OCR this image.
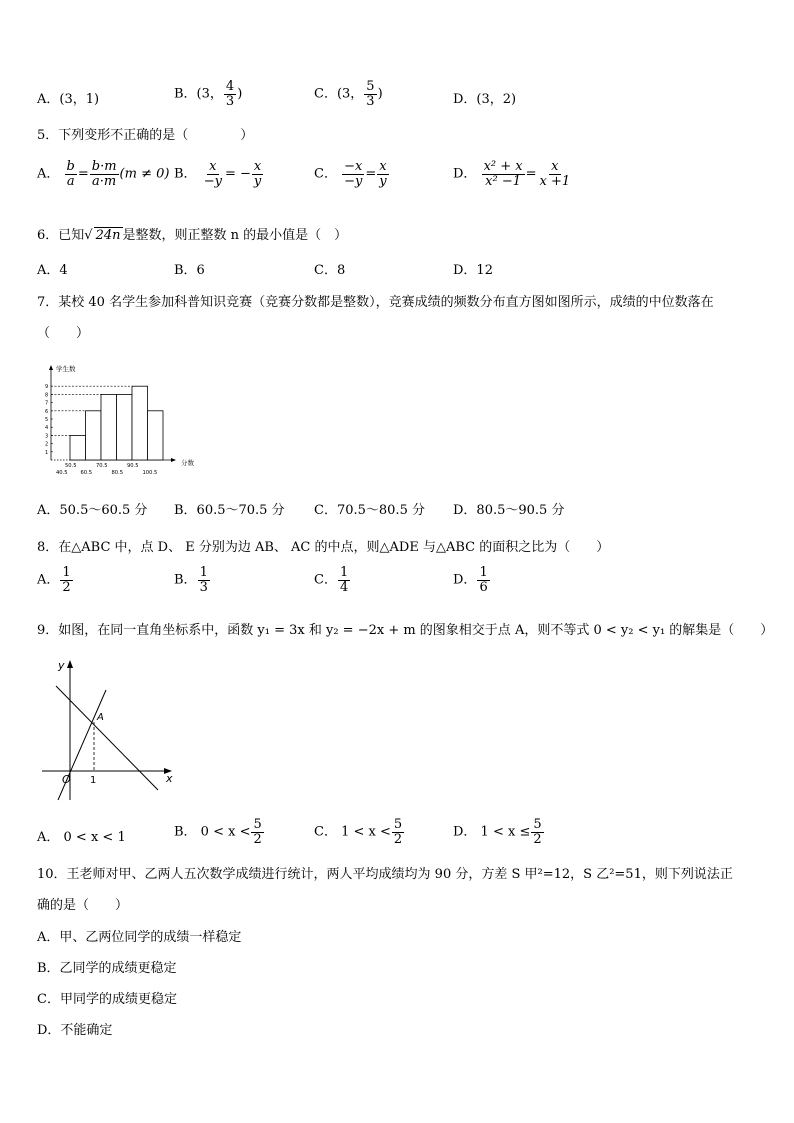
A．(3，1)	B．(3， $\frac{4}{3}$ )	C．(3， $\frac{5}{3}$ )	D．(3，2)
5．下列变形不正确的是（　　　　）
A． $\frac{b}{a} = \frac{b\cdot m}{a\cdot m} (m \ne 0)$ B． $\frac{x}{-y}$ = − $\frac{x}{y}$	C． $\frac{-x}{-y} = \frac{x}{y}$	D． $\frac{\text{x² + x}}{\text{x² −1}} = \frac{x}{x +1}$
6．已知√ 24n 是整数，则正整数 n 的最小值是（　）
A．4	B．6	C．8	D．12
7．某校 40 名学生参加科普知识竞赛（竞赛分数都是整数），竞赛成绩的频数分布直方图如图所示，成绩的中位数落在
（　　）
学生数
分数
1
2
3
4
5
6
7
8
9
40.5
50.5
60.5
70.5
80.5
90.5
100.5
A．50.5～60.5 分 B．60.5～70.5 分 C．70.5～80.5 分 D．80.5～90.5 分
8．在△ABC 中，点 D、 E 分别为边 AB、 AC 的中点，则△ADE 与△ABC 的面积之比为（　　）
A． $\frac{1}{2}$	B． $\frac{1}{3}$	C． $\frac{1}{4}$	D． $\frac{1}{6}$
9．如图，在同一直角坐标系中，函数 y₁ = 3x 和 y₂ = −2x + m 的图象相交于点 A，则不等式 0 < y₂ < y₁ 的解集是（　　）
y
x
O
A
1
A． 0 < x < 1	B． $0 < x < \frac{5}{2}$	C． $1 < x < \frac{5}{2}$	D． $1 < x \le \frac{5}{2}$
10．王老师对甲、乙两人五次数学成绩进行统计，两人平均成绩均为 90 分，方差 S 甲²=12，S 乙²=51，则下列说法正
确的是（　　）
A．甲、乙两位同学的成绩一样稳定
B．乙同学的成绩更稳定
C．甲同学的成绩更稳定
D．不能确定
